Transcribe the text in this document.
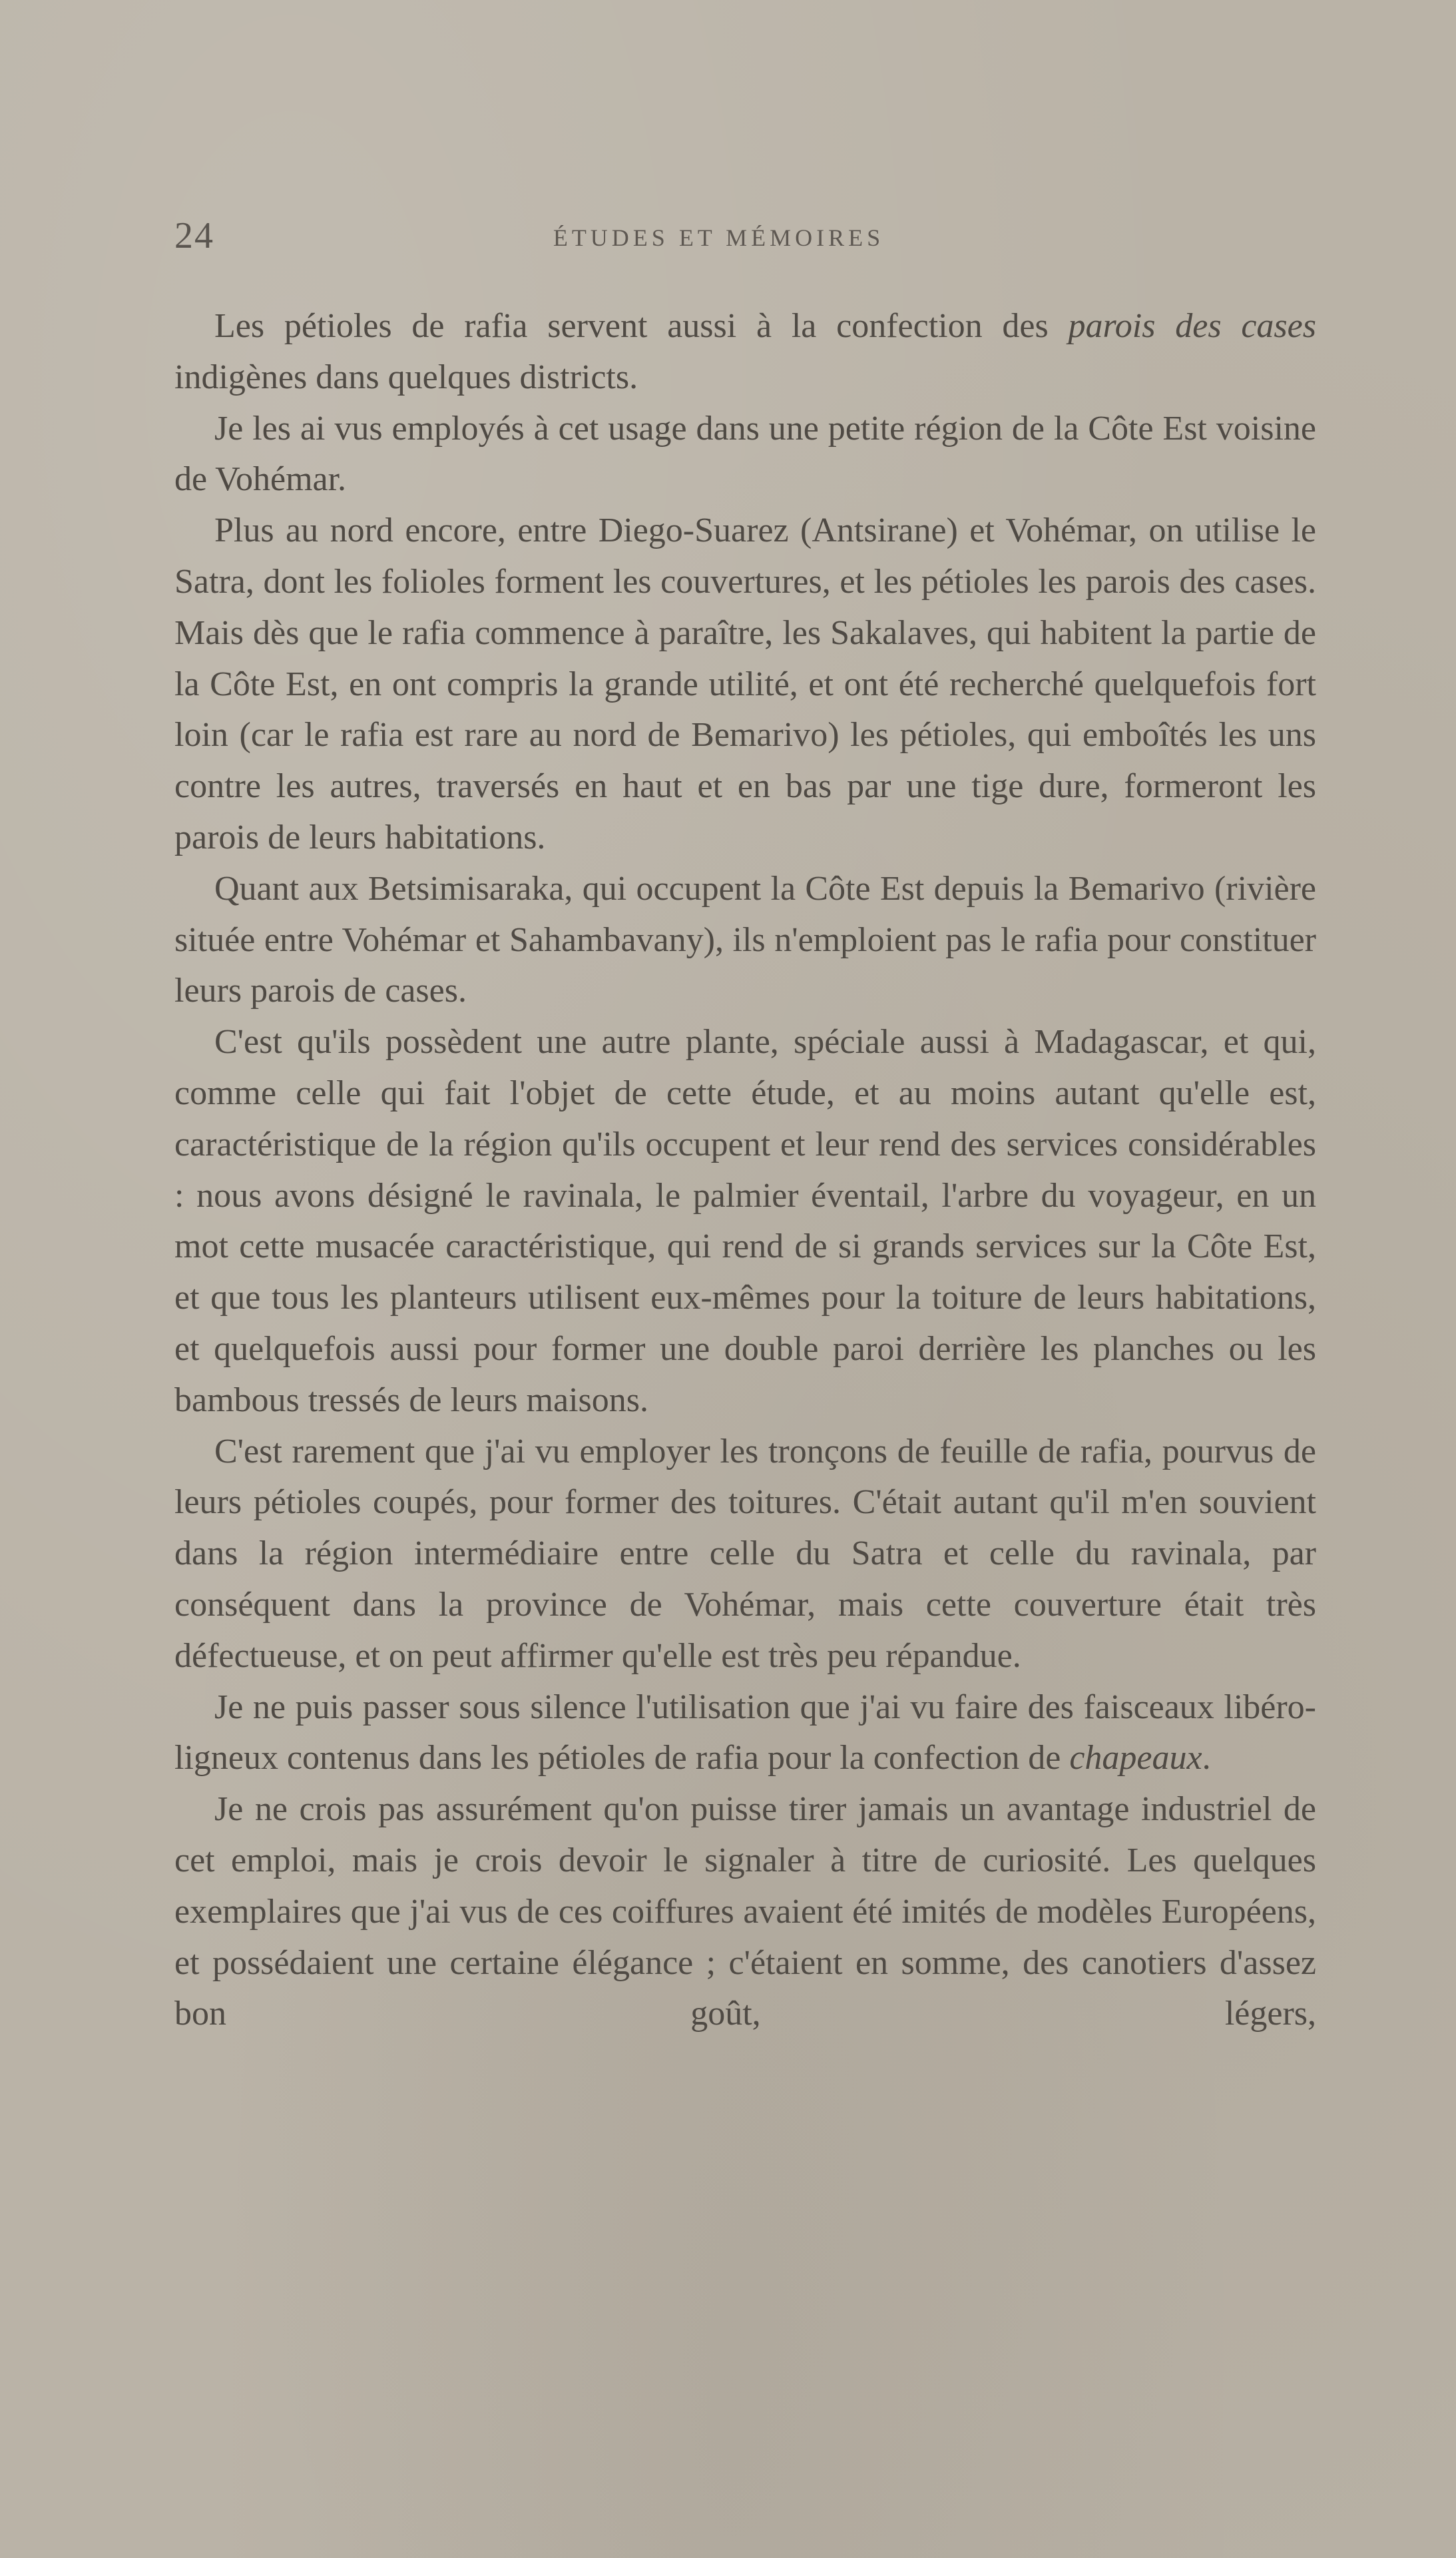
24	ÉTUDES ET MÉMOIRES

Les pétioles de rafia servent aussi à la confection des parois des cases indigènes dans quelques districts.

Je les ai vus employés à cet usage dans une petite région de la Côte Est voisine de Vohémar.

Plus au nord encore, entre Diego-Suarez (Antsirane) et Vohémar, on utilise le Satra, dont les folioles forment les couvertures, et les pétioles les parois des cases. Mais dès que le rafia commence à paraître, les Sakalaves, qui habitent la partie de la Côte Est, en ont compris la grande utilité, et ont été recherché quelquefois fort loin (car le rafia est rare au nord de Bemarivo) les pétioles, qui emboîtés les uns contre les autres, traversés en haut et en bas par une tige dure, formeront les parois de leurs habitations.

Quant aux Betsimisaraka, qui occupent la Côte Est depuis la Bemarivo (rivière située entre Vohémar et Sahambavany), ils n'emploient pas le rafia pour constituer leurs parois de cases.

C'est qu'ils possèdent une autre plante, spéciale aussi à Madagascar, et qui, comme celle qui fait l'objet de cette étude, et au moins autant qu'elle est, caractéristique de la région qu'ils occupent et leur rend des services considérables : nous avons désigné le ravinala, le palmier éventail, l'arbre du voyageur, en un mot cette musacée caractéristique, qui rend de si grands services sur la Côte Est, et que tous les planteurs utilisent eux-mêmes pour la toiture de leurs habitations, et quelquefois aussi pour former une double paroi derrière les planches ou les bambous tressés de leurs maisons.

C'est rarement que j'ai vu employer les tronçons de feuille de rafia, pourvus de leurs pétioles coupés, pour former des toitures. C'était autant qu'il m'en souvient dans la région intermédiaire entre celle du Satra et celle du ravinala, par conséquent dans la province de Vohémar, mais cette couverture était très défectueuse, et on peut affirmer qu'elle est très peu répandue.

Je ne puis passer sous silence l'utilisation que j'ai vu faire des faisceaux libéro-ligneux contenus dans les pétioles de rafia pour la confection de chapeaux.

Je ne crois pas assurément qu'on puisse tirer jamais un avantage industriel de cet emploi, mais je crois devoir le signaler à titre de curiosité. Les quelques exemplaires que j'ai vus de ces coiffures avaient été imités de modèles Européens, et possédaient une certaine élégance ; c'étaient en somme, des canotiers d'assez bon goût, légers,
